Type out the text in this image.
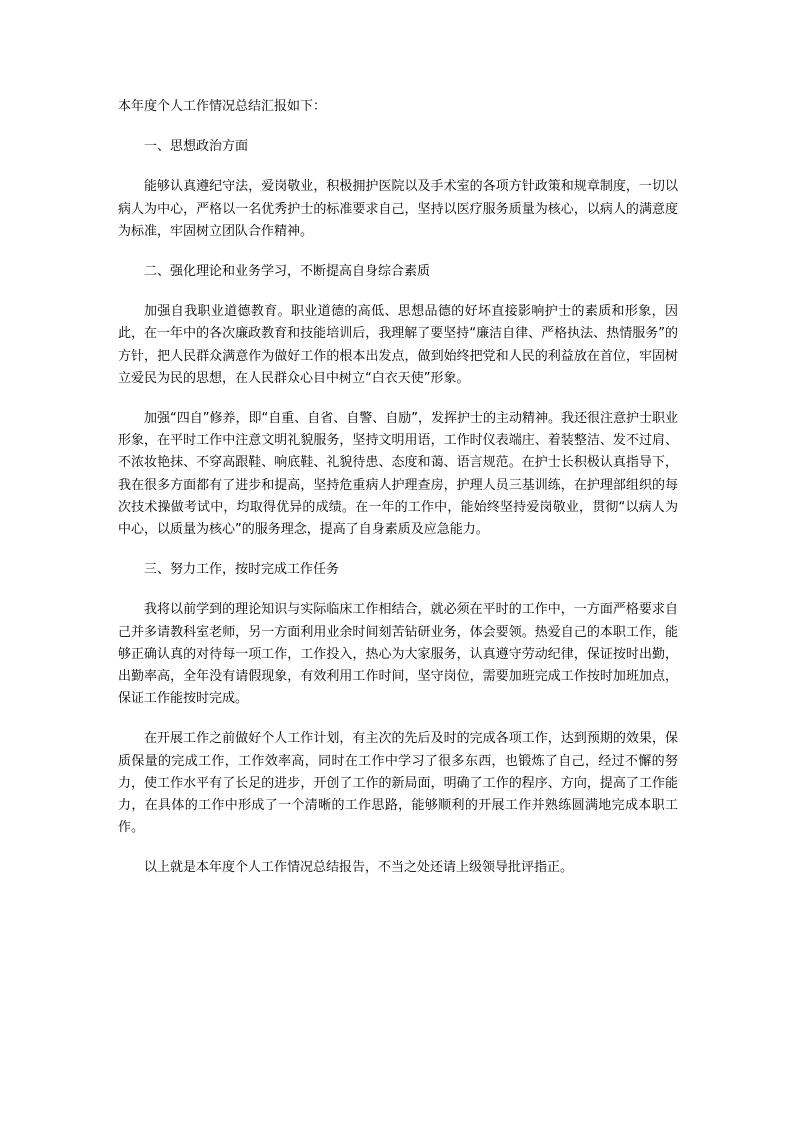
本年度个人工作情况总结汇报如下：

一、思想政治方面

能够认真遵纪守法，爱岗敬业，积极拥护医院以及手术室的各项方针政策和规章制度，一切以病人为中心，严格以一名优秀护士的标准要求自己，坚持以医疗服务质量为核心，以病人的满意度为标准，牢固树立团队合作精神。

二、强化理论和业务学习，不断提高自身综合素质

加强自我职业道德教育。职业道德的高低、思想品德的好坏直接影响护士的素质和形象，因此，在一年中的各次廉政教育和技能培训后，我理解了要坚持“廉洁自律、严格执法、热情服务”的方针，把人民群众满意作为做好工作的根本出发点，做到始终把党和人民的利益放在首位，牢固树立爱民为民的思想，在人民群众心目中树立“白衣天使”形象。

加强“四自”修养，即“自重、自省、自警、自励”，发挥护士的主动精神。我还很注意护士职业形象，在平时工作中注意文明礼貌服务，坚持文明用语，工作时仪表端庄、着装整洁、发不过肩、不浓妆艳抹、不穿高跟鞋、响底鞋、礼貌待患、态度和蔼、语言规范。在护士长积极认真指导下，我在很多方面都有了进步和提高，坚持危重病人护理查房，护理人员三基训练，在护理部组织的每次技术操做考试中，均取得优异的成绩。在一年的工作中，能始终坚持爱岗敬业，贯彻“以病人为中心，以质量为核心”的服务理念，提高了自身素质及应急能力。

三、努力工作，按时完成工作任务

我将以前学到的理论知识与实际临床工作相结合，就必须在平时的工作中，一方面严格要求自己并多请教科室老师，另一方面利用业余时间刻苦钻研业务，体会要领。热爱自己的本职工作，能够正确认真的对待每一项工作，工作投入，热心为大家服务，认真遵守劳动纪律，保证按时出勤，出勤率高，全年没有请假现象，有效利用工作时间，坚守岗位，需要加班完成工作按时加班加点，保证工作能按时完成。

在开展工作之前做好个人工作计划，有主次的先后及时的完成各项工作，达到预期的效果，保质保量的完成工作，工作效率高，同时在工作中学习了很多东西，也锻炼了自己，经过不懈的努力，使工作水平有了长足的进步，开创了工作的新局面，明确了工作的程序、方向，提高了工作能力，在具体的工作中形成了一个清晰的工作思路，能够顺利的开展工作并熟练圆满地完成本职工作。

以上就是本年度个人工作情况总结报告，不当之处还请上级领导批评指正。
